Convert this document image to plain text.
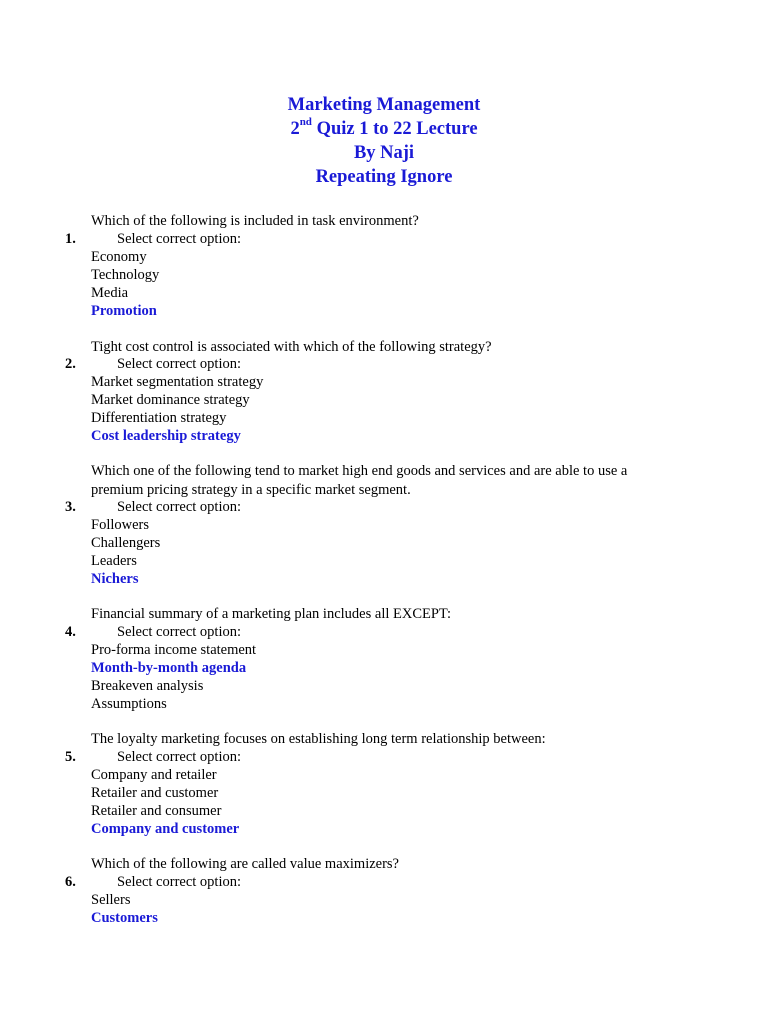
Marketing Management
2nd Quiz 1 to 22 Lecture
By Naji
Repeating Ignore
Which of the following is included in task environment?
1.	Select correct option:
Economy
Technology
Media
Promotion
Tight cost control is associated with which of the following strategy?
2.	Select correct option:
Market segmentation strategy
Market dominance strategy
Differentiation strategy
Cost leadership strategy
Which one of the following tend to market high end goods and services and are able to use a premium pricing strategy in a specific market segment.
3.	Select correct option:
Followers
Challengers
Leaders
Nichers
Financial summary of a marketing plan includes all EXCEPT:
4.	Select correct option:
Pro-forma income statement
Month-by-month agenda
Breakeven analysis
Assumptions
The loyalty marketing focuses on establishing long term relationship between:
5.	Select correct option:
Company and retailer
Retailer and customer
Retailer and consumer
Company and customer
Which of the following are called value maximizers?
6.	Select correct option:
Sellers
Customers
